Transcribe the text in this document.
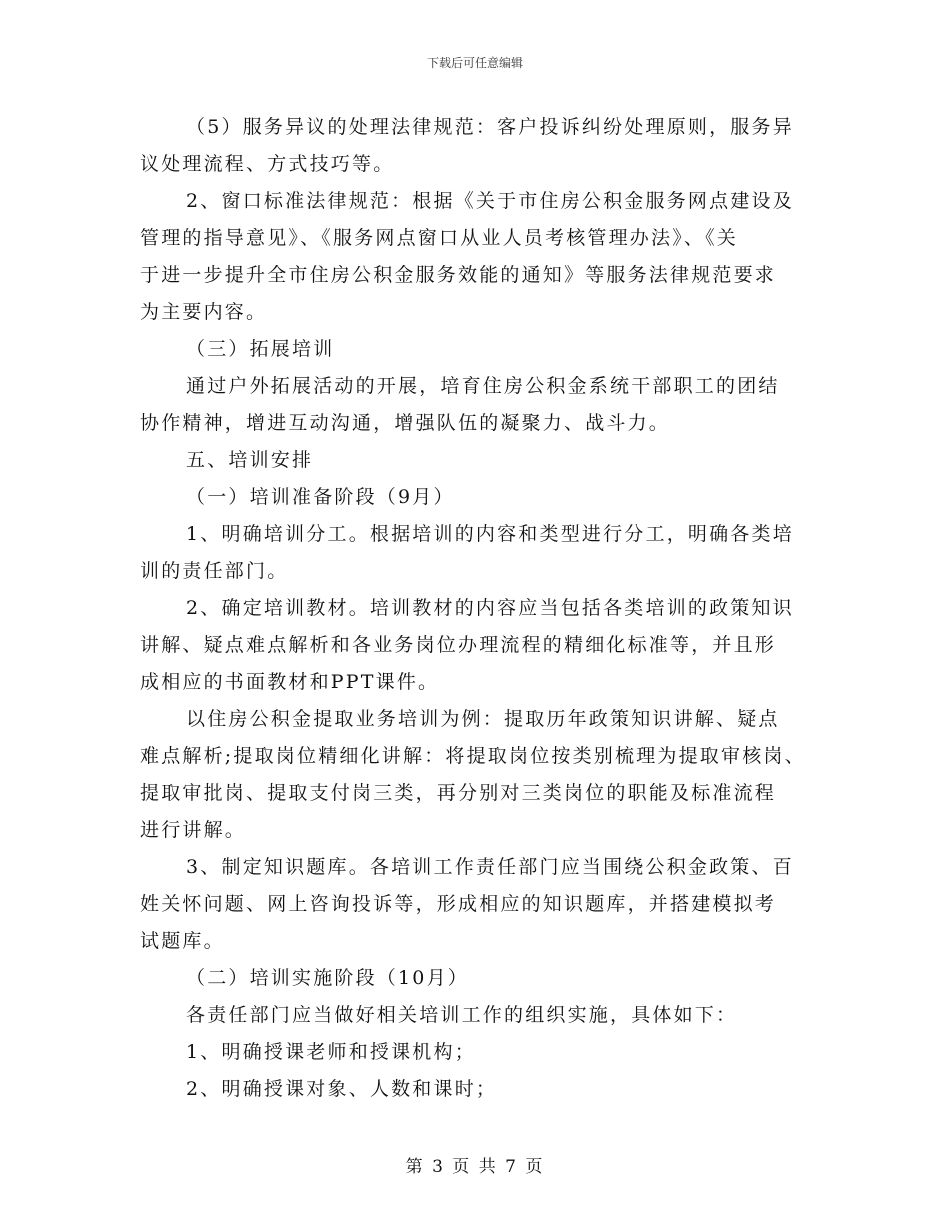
下载后可任意编辑
（5）服务异议的处理法律规范：客户投诉纠纷处理原则，服务异
议处理流程、方式技巧等。
2、窗口标准法律规范：根据《关于市住房公积金服务网点建设及
管理的指导意见》、《服务网点窗口从业人员考核管理办法》、《关
于进一步提升全市住房公积金服务效能的通知》等服务法律规范要求
为主要内容。
（三）拓展培训
通过户外拓展活动的开展，培育住房公积金系统干部职工的团结
协作精神，增进互动沟通，增强队伍的凝聚力、战斗力。
五、培训安排
（一）培训准备阶段（9月）
1、明确培训分工。根据培训的内容和类型进行分工，明确各类培
训的责任部门。
2、确定培训教材。培训教材的内容应当包括各类培训的政策知识
讲解、疑点难点解析和各业务岗位办理流程的精细化标准等，并且形
成相应的书面教材和PPT课件。
以住房公积金提取业务培训为例：提取历年政策知识讲解、疑点
难点解析;提取岗位精细化讲解：将提取岗位按类别梳理为提取审核岗、
提取审批岗、提取支付岗三类，再分别对三类岗位的职能及标准流程
进行讲解。
3、制定知识题库。各培训工作责任部门应当围绕公积金政策、百
姓关怀问题、网上咨询投诉等，形成相应的知识题库，并搭建模拟考
试题库。
（二）培训实施阶段（10月）
各责任部门应当做好相关培训工作的组织实施，具体如下：
1、明确授课老师和授课机构；
2、明确授课对象、人数和课时；
第 3 页 共 7 页
